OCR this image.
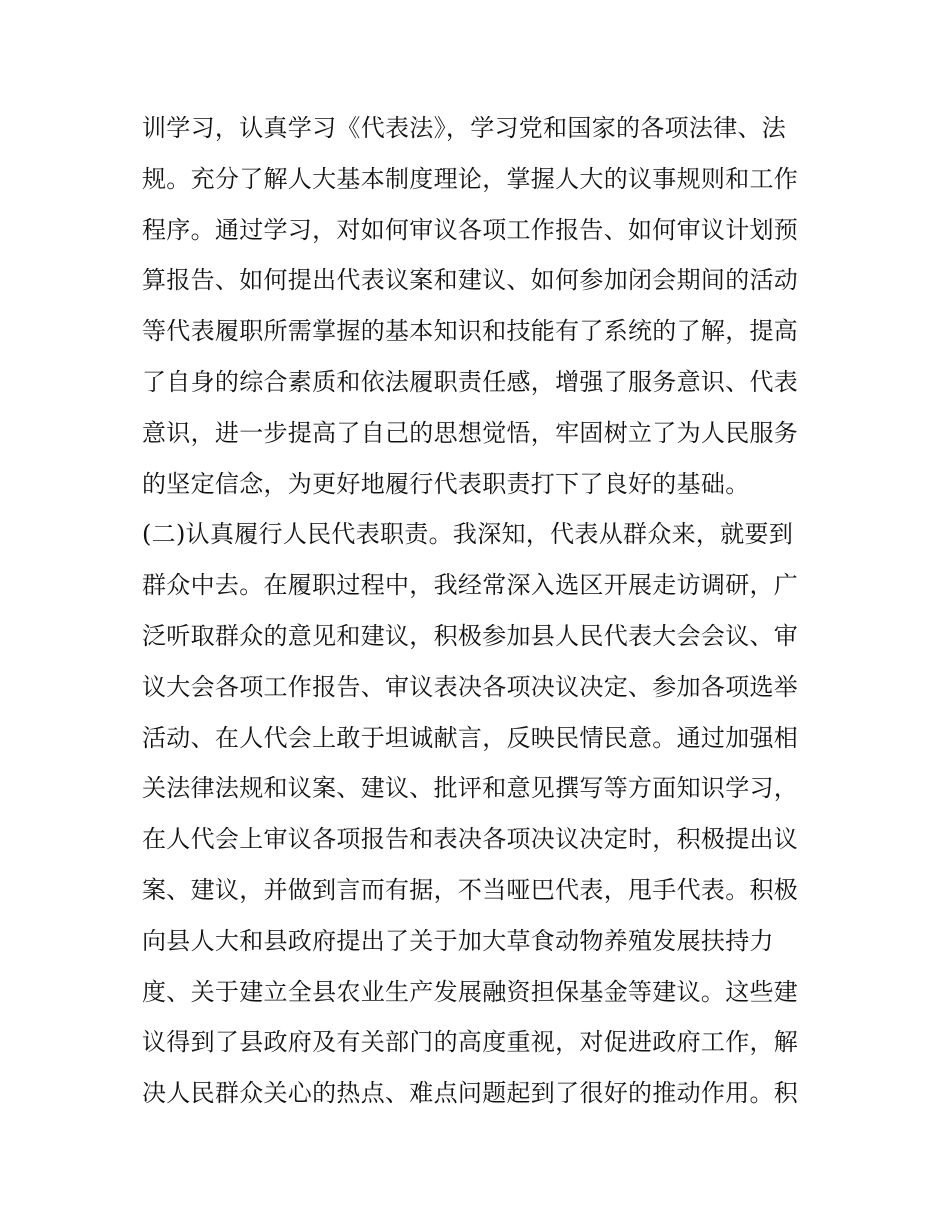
训学习，认真学习《代表法》，学习党和国家的各项法律、法
规。充分了解人大基本制度理论，掌握人大的议事规则和工作
程序。通过学习，对如何审议各项工作报告、如何审议计划预
算报告、如何提出代表议案和建议、如何参加闭会期间的活动
等代表履职所需掌握的基本知识和技能有了系统的了解，提高
了自身的综合素质和依法履职责任感，增强了服务意识、代表
意识，进一步提高了自己的思想觉悟，牢固树立了为人民服务
的坚定信念，为更好地履行代表职责打下了良好的基础。
(二)认真履行人民代表职责。我深知，代表从群众来，就要到
群众中去。在履职过程中，我经常深入选区开展走访调研，广
泛听取群众的意见和建议，积极参加县人民代表大会会议、审
议大会各项工作报告、审议表决各项决议决定、参加各项选举
活动、在人代会上敢于坦诚献言，反映民情民意。通过加强相
关法律法规和议案、建议、批评和意见撰写等方面知识学习，
在人代会上审议各项报告和表决各项决议决定时，积极提出议
案、建议，并做到言而有据，不当哑巴代表，甩手代表。积极
向县人大和县政府提出了关于加大草食动物养殖发展扶持力
度、关于建立全县农业生产发展融资担保基金等建议。这些建
议得到了县政府及有关部门的高度重视，对促进政府工作，解
决人民群众关心的热点、难点问题起到了很好的推动作用。积
